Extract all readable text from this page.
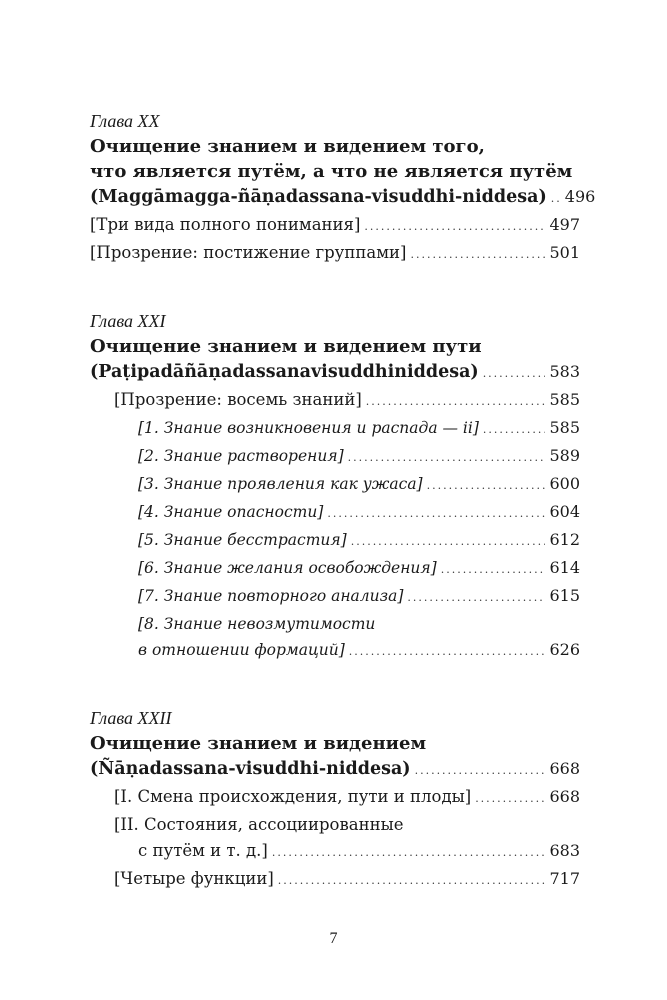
Глава XX
Очищение знанием и видением того,
что является путём, а что не является путём
(Maggāmagga-ñāṇadassana-visuddhi-niddesa) ..... 496
[Три вида полного понимания] .....	497
[Прозрение: постижение группами] .....	501
Глава XXI
Очищение знанием и видением пути
(Paṭipadāñāṇadassanavisuddhiniddesa) .....	583
[Прозрение: восемь знаний] .....	585
[1. Знание возникновения и распада — ii] .....	585
[2. Знание растворения] .....	589
[3. Знание проявления как ужаса] .....	600
[4. Знание опасности] .....	604
[5. Знание бесстрастия] .....	612
[6. Знание желания освобождения] .....	614
[7. Знание повторного анализа] .....	615
[8. Знание невозмутимости
в отношении формаций] .....	626
Глава XXII
Очищение знанием и видением
(Ñāṇadassana-visuddhi-niddesa) .....	668
[I. Смена происхождения, пути и плоды] .....	668
[II. Состояния, ассоциированные
с путём и т. д.] .....	683
[Четыре функции] .....	717
7
